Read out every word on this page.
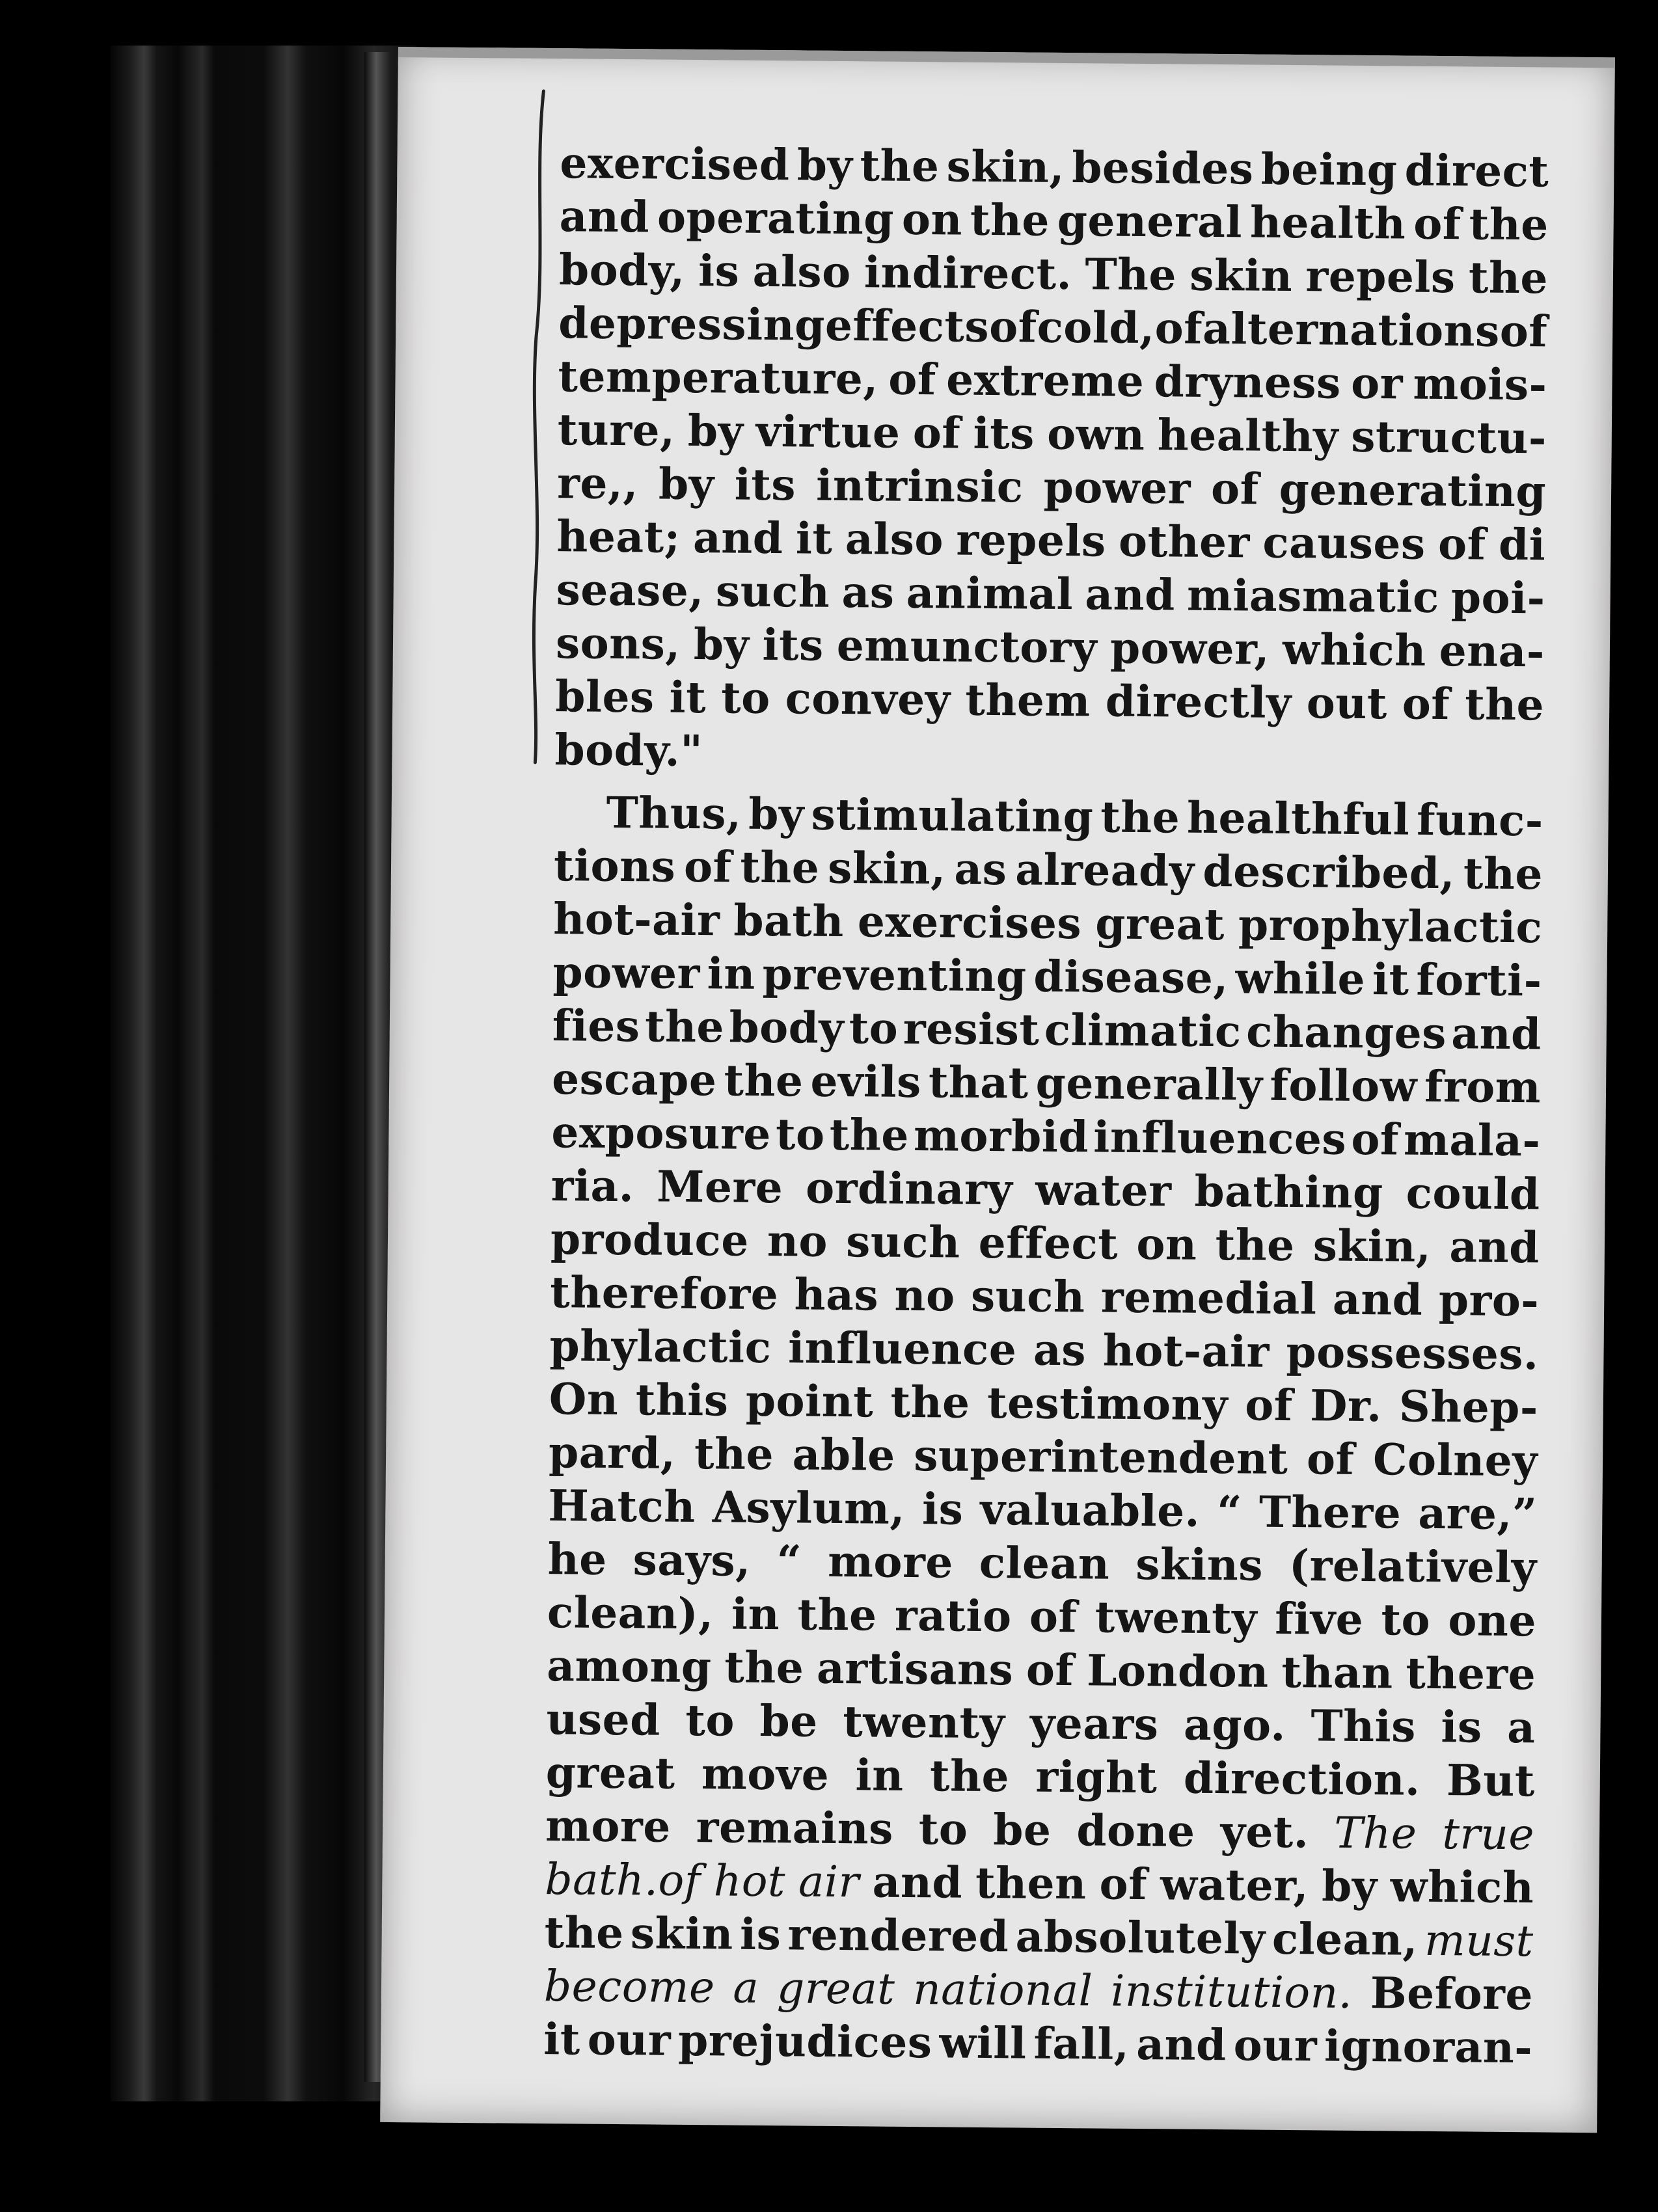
exercised by the skin, besides being direct
and operating on the general health of the
body, is also indirect. The skin repels the
depressing effects of cold, of alternations of
temperature, of extreme dryness or mois-
ture, by virtue of its own healthy structu-
re,, by its intrinsic power of generating
heat; and it also repels other causes of di
sease, such as animal and miasmatic poi-
sons, by its emunctory power, which ena-
bles it to convey them directly out of the
body."
Thus, by stimulating the healthful func-
tions of the skin, as already described, the
hot-air bath exercises great prophylactic
power in preventing disease, while it forti-
fies the body to resist climatic changes and
escape the evils that generally follow from
exposure to the morbid influences of mala-
ria. Mere ordinary water bathing could
produce no such effect on the skin, and
therefore has no such remedial and pro-
phylactic influence as hot-air possesses.
On this point the testimony of Dr. Shep-
pard, the able superintendent of Colney
Hatch Asylum, is valuable. “ There are,”
he says, “ more clean skins (relatively
clean), in the ratio of twenty five to one
among the artisans of London than there
used to be twenty years ago. This is a
great move in the right direction. But
more remains to be done yet. The true
bath.of hot air and then of water, by which
the skin is rendered absolutely clean, must
become a great national institution. Before
it our prejudices will fall, and our ignoran-
